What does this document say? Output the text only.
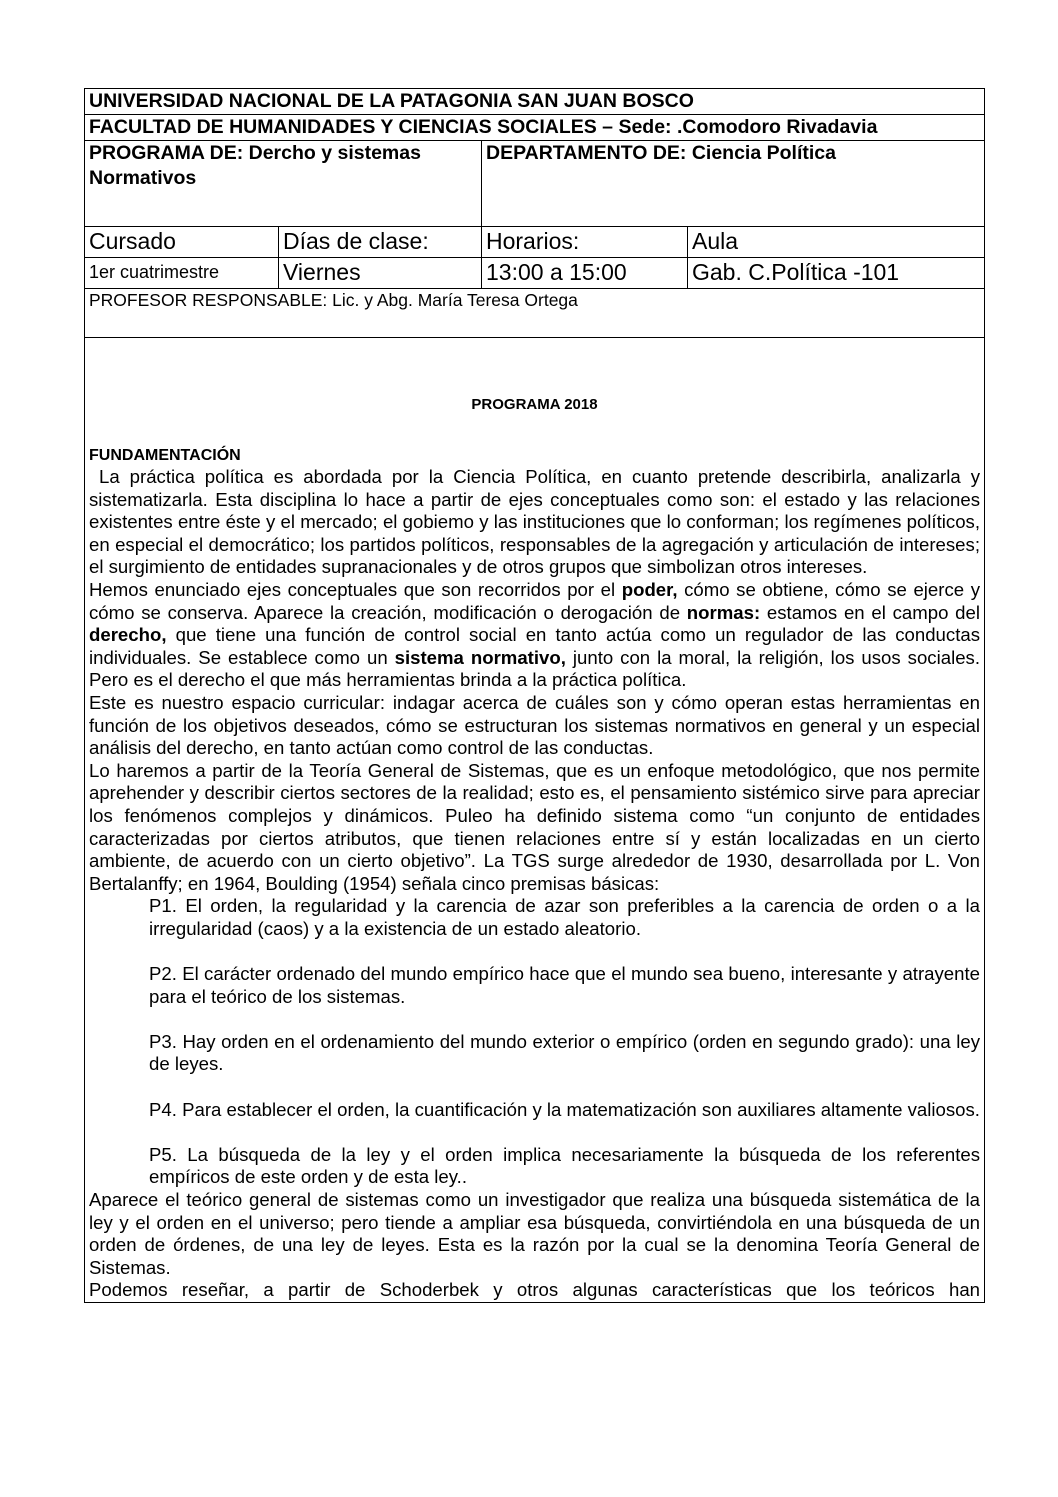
UNIVERSIDAD NACIONAL DE LA PATAGONIA SAN JUAN BOSCO
FACULTAD DE HUMANIDADES Y CIENCIAS SOCIALES – Sede: .Comodoro Rivadavia
PROGRAMA DE: Dercho y sistemas Normativos
DEPARTAMENTO DE: Ciencia Política
Cursado	Días de clase:	Horarios:	Aula
1er cuatrimestre	Viernes	13:00 a 15:00	Gab. C.Política -101
PROFESOR RESPONSABLE: Lic. y Abg. María Teresa Ortega
PROGRAMA 2018
FUNDAMENTACIÓN

La práctica política es abordada por la Ciencia Política, en cuanto pretende describirla, analizarla y sistematizarla. Esta disciplina lo hace a partir de ejes conceptuales como son: el estado y las relaciones existentes entre éste y el mercado; el gobiemo y las instituciones que lo conforman; los regímenes políticos, en especial el democrático; los partidos políticos, responsables de la agregación y articulación de intereses; el surgimiento de entidades supranacionales y de otros grupos que simbolizan otros intereses.

Hemos enunciado ejes conceptuales que son recorridos por el poder, cómo se obtiene, cómo se ejerce y cómo se conserva. Aparece la creación, modificación o derogación de normas: estamos en el campo del derecho, que tiene una función de control social en tanto actúa como un regulador de las conductas individuales. Se establece como un sistema normativo, junto con la moral, la religión, los usos sociales. Pero es el derecho el que más herramientas brinda a la práctica política.

Este es nuestro espacio curricular: indagar acerca de cuáles son y cómo operan estas herramientas en función de los objetivos deseados, cómo se estructuran los sistemas normativos en general y un especial análisis del derecho, en tanto actúan como control de las conductas.

Lo haremos a partir de la Teoría General de Sistemas, que es un enfoque metodológico, que nos permite aprehender y describir ciertos sectores de la realidad; esto es, el pensamiento sistémico sirve para apreciar los fenómenos complejos y dinámicos. Puleo ha definido sistema como “un conjunto de entidades caracterizadas por ciertos atributos, que tienen relaciones entre sí y están localizadas en un cierto ambiente, de acuerdo con un cierto objetivo”. La TGS surge alrededor de 1930, desarrollada por L. Von Bertalanffy; en 1964, Boulding (1954) señala cinco premisas básicas:

P1. El orden, la regularidad y la carencia de azar son preferibles a la carencia de orden o a la irregularidad (caos) y a la existencia de un estado aleatorio.

P2. El carácter ordenado del mundo empírico hace que el mundo sea bueno, interesante y atrayente para el teórico de los sistemas.

P3. Hay orden en el ordenamiento del mundo exterior o empírico (orden en segundo grado): una ley de leyes.

P4. Para establecer el orden, la cuantificación y la matematización son auxiliares altamente valiosos.

P5. La búsqueda de la ley y el orden implica necesariamente la búsqueda de los referentes empíricos de este orden y de esta ley..

Aparece el teórico general de sistemas como un investigador que realiza una búsqueda sistemática de la ley y el orden en el universo; pero tiende a ampliar esa búsqueda, convirtiéndola en una búsqueda de un orden de órdenes, de una ley de leyes. Esta es la razón por la cual se la denomina Teoría General de Sistemas.

Podemos reseñar, a partir de Schoderbek y otros algunas características que los teóricos han
